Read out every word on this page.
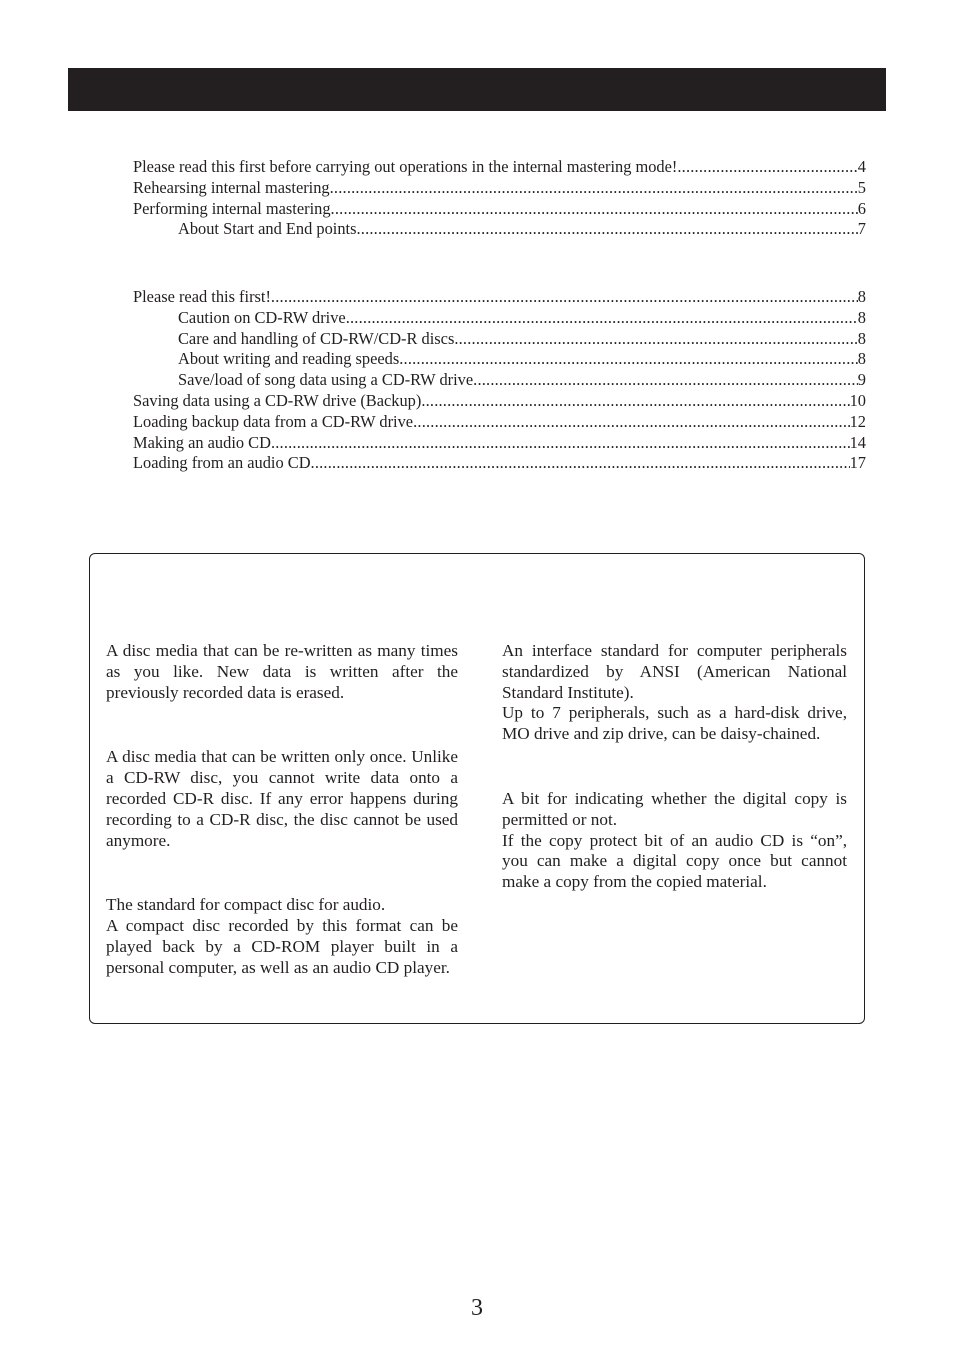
Please read this first before carrying out operations in the internal mastering mode! .....	4
Rehearsing internal mastering .....	5
Performing internal mastering .....	6
About Start and End points .....	7
Please read this first! .....	8
Caution on CD-RW drive .....	8
Care and handling of CD-RW/CD-R discs .....	8
About writing and reading speeds .....	8
Save/load of song data using a CD-RW drive .....	9
Saving data using a CD-RW drive (Backup) .....	10
Loading backup data from a CD-RW drive .....	12
Making an audio CD .....	14
Loading from an audio CD .....	17

A disc media that can be re-written as many times as you like. New data is written after the previously recorded data is erased.

A disc media that can be written only once. Unlike a CD-RW disc, you cannot write data onto a recorded CD-R disc. If any error happens during recording to a CD-R disc, the disc cannot be used anymore.

The standard for compact disc for audio.

A compact disc recorded by this format can be played back by a CD-ROM player built in a personal computer, as well as an audio CD player.

An interface standard for computer peripherals standardized by ANSI (American National Standard Institute).

Up to 7 peripherals, such as a hard-disk drive, MO drive and zip drive, can be daisy-chained.

A bit for indicating whether the digital copy is permitted or not.

If the copy protect bit of an audio CD is “on”, you can make a digital copy once but cannot make a copy from the copied material.

3
